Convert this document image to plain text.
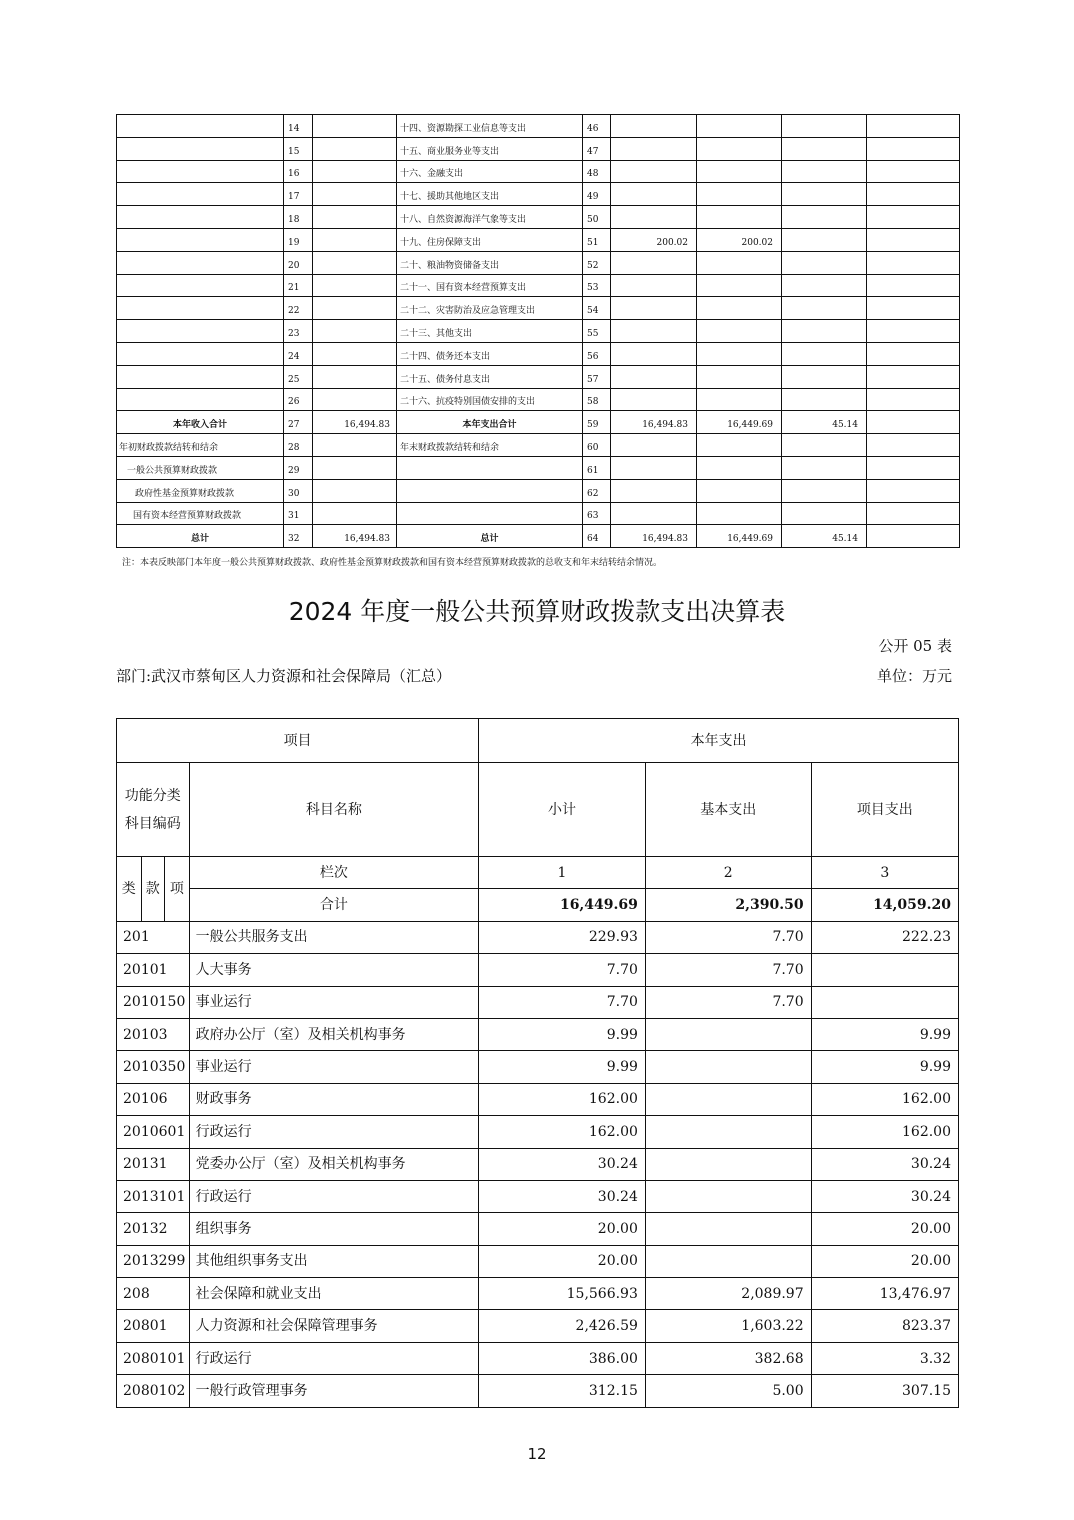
	14		十四、资源勘探工业信息等支出	46				
	15		十五、商业服务业等支出	47				
	16		十六、金融支出	48				
	17		十七、援助其他地区支出	49				
	18		十八、自然资源海洋气象等支出	50				
	19		十九、住房保障支出	51	200.02	200.02		
	20		二十、粮油物资储备支出	52				
	21		二十一、国有资本经营预算支出	53				
	22		二十二、灾害防治及应急管理支出	54				
	23		二十三、其他支出	55				
	24		二十四、债务还本支出	56				
	25		二十五、债务付息支出	57				
	26		二十六、抗疫特别国债安排的支出	58				
本年收入合计	27	16,494.83	本年支出合计	59	16,494.83	16,449.69	45.14	
年初财政拨款结转和结余	28		年末财政拨款结转和结余	60				
一般公共预算财政拨款	29			61				
政府性基金预算财政拨款	30			62				
国有资本经营预算财政拨款	31			63				
总计	32	16,494.83	总计	64	16,494.83	16,449.69	45.14	
注：本表反映部门本年度一般公共预算财政拨款、政府性基金预算财政拨款和国有资本经营预算财政拨款的总收支和年末结转结余情况。
2024 年度一般公共预算财政拨款支出决算表
公开 05 表
部门:武汉市蔡甸区人力资源和社会保障局（汇总）	单位：万元
项目				本年支出		
功能分类科目编码			科目名称	小计	基本支出	项目支出
类	款	项	栏次	1	2	3
			合计	16,449.69	2,390.50	14,059.20
201			一般公共服务支出	229.93	7.70	222.23
20101			人大事务	7.70	7.70	
2010150			事业运行	7.70	7.70	
20103			政府办公厅（室）及相关机构事务	9.99		9.99
2010350			事业运行	9.99		9.99
20106			财政事务	162.00		162.00
2010601			行政运行	162.00		162.00
20131			党委办公厅（室）及相关机构事务	30.24		30.24
2013101			行政运行	30.24		30.24
20132			组织事务	20.00		20.00
2013299			其他组织事务支出	20.00		20.00
208			社会保障和就业支出	15,566.93	2,089.97	13,476.97
20801			人力资源和社会保障管理事务	2,426.59	1,603.22	823.37
2080101			行政运行	386.00	382.68	3.32
2080102			一般行政管理事务	312.15	5.00	307.15
12
